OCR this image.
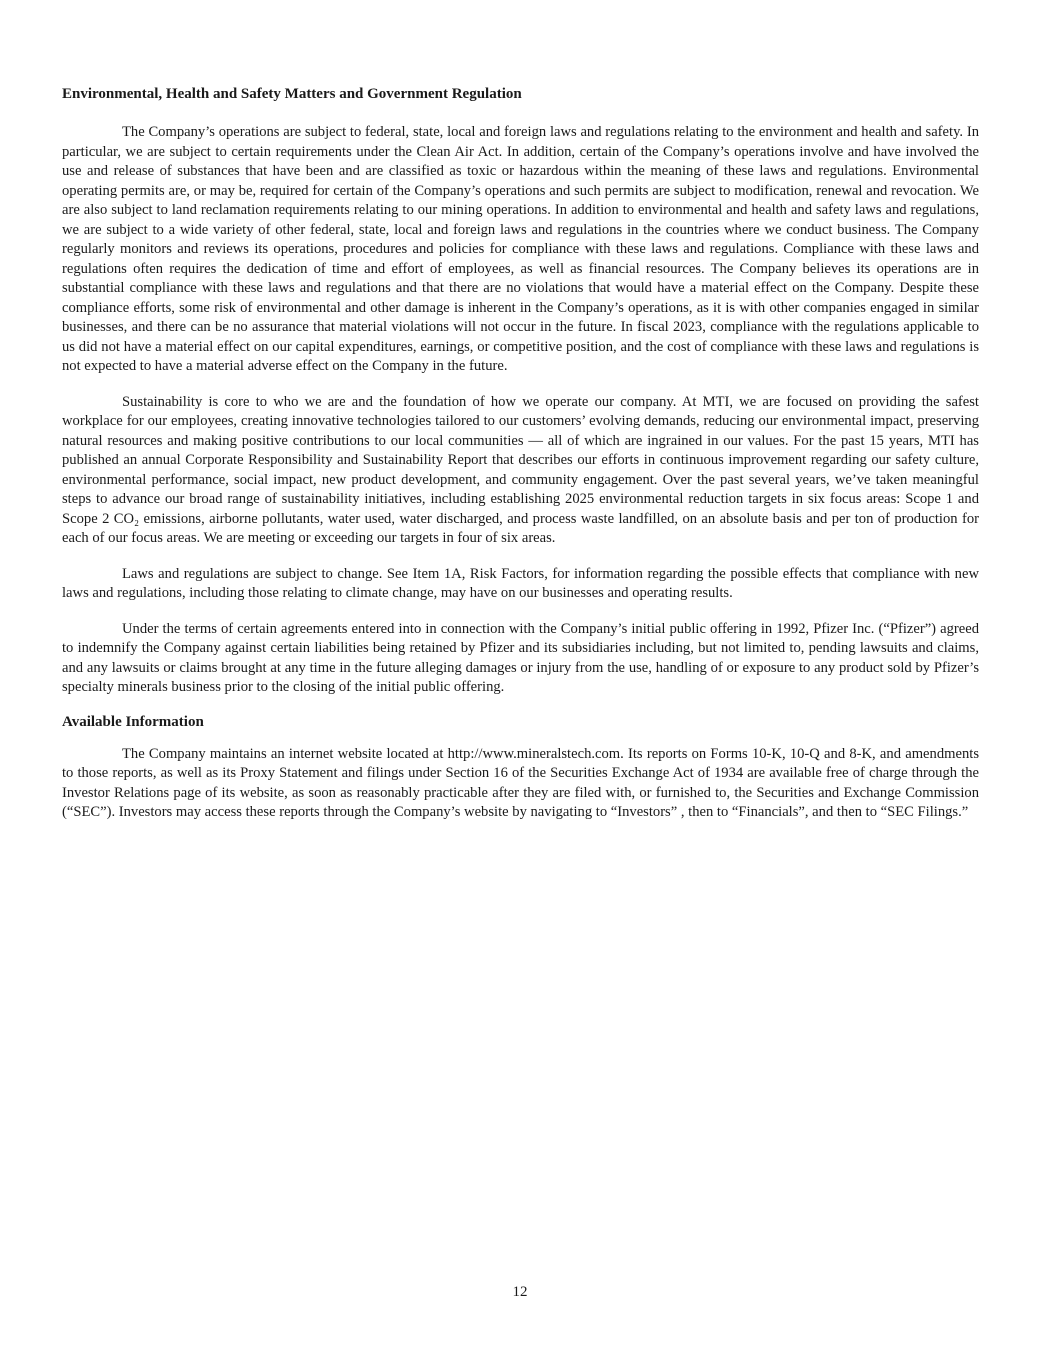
Environmental, Health and Safety Matters and Government Regulation

The Company’s operations are subject to federal, state, local and foreign laws and regulations relating to the environment and health and safety. In particular, we are subject to certain requirements under the Clean Air Act. In addition, certain of the Company’s operations involve and have involved the use and release of substances that have been and are classified as toxic or hazardous within the meaning of these laws and regulations. Environmental operating permits are, or may be, required for certain of the Company’s operations and such permits are subject to modification, renewal and revocation. We are also subject to land reclamation requirements relating to our mining operations. In addition to environmental and health and safety laws and regulations, we are subject to a wide variety of other federal, state, local and foreign laws and regulations in the countries where we conduct business. The Company regularly monitors and reviews its operations, procedures and policies for compliance with these laws and regulations. Compliance with these laws and regulations often requires the dedication of time and effort of employees, as well as financial resources. The Company believes its operations are in substantial compliance with these laws and regulations and that there are no violations that would have a material effect on the Company. Despite these compliance efforts, some risk of environmental and other damage is inherent in the Company’s operations, as it is with other companies engaged in similar businesses, and there can be no assurance that material violations will not occur in the future. In fiscal 2023, compliance with the regulations applicable to us did not have a material effect on our capital expenditures, earnings, or competitive position, and the cost of compliance with these laws and regulations is not expected to have a material adverse effect on the Company in the future.

Sustainability is core to who we are and the foundation of how we operate our company. At MTI, we are focused on providing the safest workplace for our employees, creating innovative technologies tailored to our customers’ evolving demands, reducing our environmental impact, preserving natural resources and making positive contributions to our local communities — all of which are ingrained in our values. For the past 15 years, MTI has published an annual Corporate Responsibility and Sustainability Report that describes our efforts in continuous improvement regarding our safety culture, environmental performance, social impact, new product development, and community engagement. Over the past several years, we’ve taken meaningful steps to advance our broad range of sustainability initiatives, including establishing 2025 environmental reduction targets in six focus areas: Scope 1 and Scope 2 CO₂ emissions, airborne pollutants, water used, water discharged, and process waste landfilled, on an absolute basis and per ton of production for each of our focus areas. We are meeting or exceeding our targets in four of six areas.

Laws and regulations are subject to change. See Item 1A, Risk Factors, for information regarding the possible effects that compliance with new laws and regulations, including those relating to climate change, may have on our businesses and operating results.

Under the terms of certain agreements entered into in connection with the Company’s initial public offering in 1992, Pfizer Inc. (“Pfizer”) agreed to indemnify the Company against certain liabilities being retained by Pfizer and its subsidiaries including, but not limited to, pending lawsuits and claims, and any lawsuits or claims brought at any time in the future alleging damages or injury from the use, handling of or exposure to any product sold by Pfizer’s specialty minerals business prior to the closing of the initial public offering.

Available Information

The Company maintains an internet website located at http://www.mineralstech.com. Its reports on Forms 10-K, 10-Q and 8-K, and amendments to those reports, as well as its Proxy Statement and filings under Section 16 of the Securities Exchange Act of 1934 are available free of charge through the Investor Relations page of its website, as soon as reasonably practicable after they are filed with, or furnished to, the Securities and Exchange Commission (“SEC”). Investors may access these reports through the Company’s website by navigating to “Investors” , then to “Financials”, and then to “SEC Filings.”

12
